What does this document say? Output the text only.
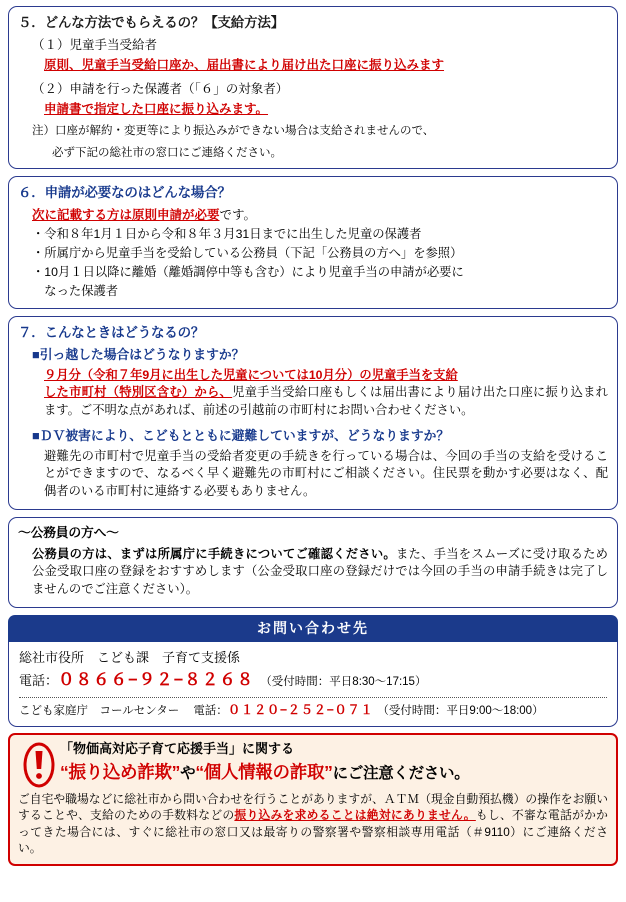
５．どんな方法でもらえるの？【支給方法】
（１）児童手当受給者
原則、児童手当受給口座か、届出書により届け出た口座に振り込みます
（２）申請を行った保護者（「６」の対象者）
申請書で指定した口座に振り込みます。
注）口座が解約・変更等により振込みができない場合は支給されませんので、
必ず下記の総社市の窓口にご連絡ください。
６．申請が必要なのはどんな場合？
次に記載する方は原則申請が必要です。

・令和８年1月１日から令和８年３月31日までに出生した児童の保護者

・所属庁から児童手当を受給している公務員（下記「公務員の方へ」を参照）

・10月１日以降に離婚（離婚調停中等も含む）により児童手当の申請が必要に

　なった保護者

７．こんなときはどうなるの？
■引っ越した場合はどうなりますか？
９月分（令和７年9月に出生した児童については10月分）の児童手当を支給
した市町村（特別区含む）から、児童手当受給口座もしくは届出書により届け出た口座に振り込まれます。ご不明な点があれば、前述の引越前の市町村にお問い合わせください。
■ＤＶ被害により、こどもとともに避難していますが、どうなりますか？
避難先の市町村で児童手当の受給者変更の手続きを行っている場合は、今回の手当の支給を受けることができますので、なるべく早く避難先の市町村にご相談ください。住民票を動かす必要はなく、配偶者のいる市町村に連絡する必要もありません。
～公務員の方へ～
公務員の方は、まずは所属庁に手続きについてご確認ください。また、手当をスムーズに受け取るため公金受取口座の登録をおすすめします（公金受取口座の登録だけでは今回の手当の申請手続きは完了しませんのでご注意ください）。
お問い合わせ先
総社市役所　こども課　子育て支援係
電話： ０８６６−９２−８２６８ （受付時間：平日8:30～17:15）
こども家庭庁　コールセンター 電話： ０１２０−２５２−０７１ （受付時間：平日9:00～18:00）
「物価高対応子育て応援手当」に関する
“振り込め詐欺”や“個人情報の詐取”にご注意ください。
ご自宅や職場などに総社市から問い合わせを行うことがありますが、ＡＴＭ（現金自動預払機）の操作をお願いすることや、支給のための手数料などの振り込みを求めることは絶対にありません。もし、不審な電話がかかってきた場合には、すぐに総社市の窓口又は最寄りの警察署や警察相談専用電話（＃9110）にご連絡ください。
